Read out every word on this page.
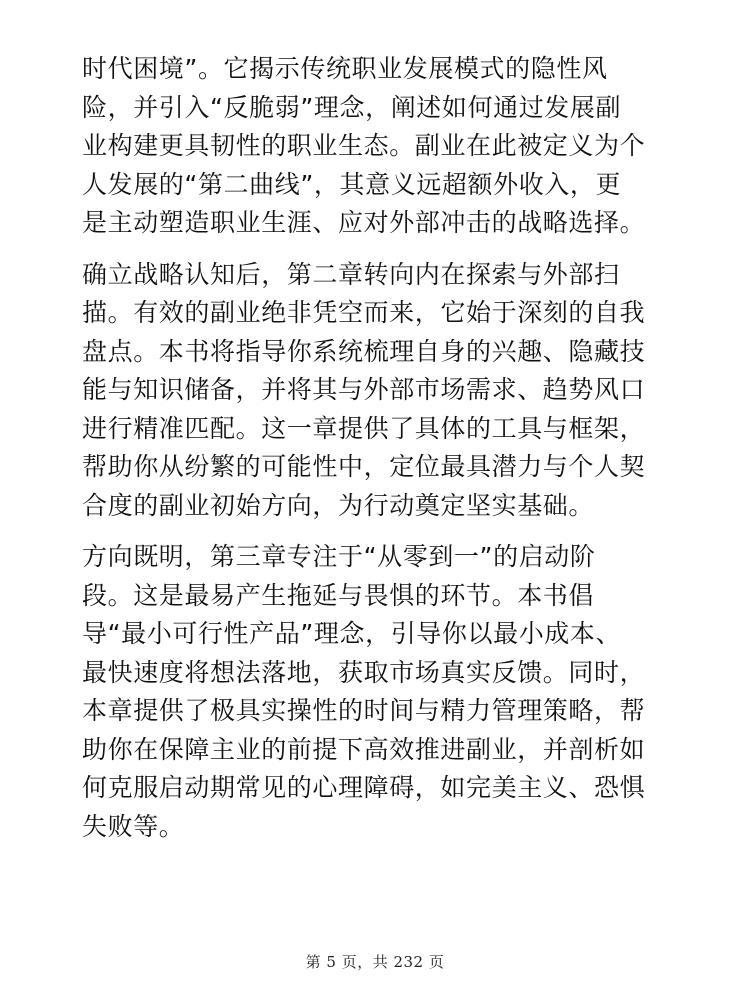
时代困境”。它揭示传统职业发展模式的隐性风
险，并引入“反脆弱”理念，阐述如何通过发展副
业构建更具韧性的职业生态。副业在此被定义为个
人发展的“第二曲线”，其意义远超额外收入，更
是主动塑造职业生涯、应对外部冲击的战略选择。

确立战略认知后，第二章转向内在探索与外部扫
描。有效的副业绝非凭空而来，它始于深刻的自我
盘点。本书将指导你系统梳理自身的兴趣、隐藏技
能与知识储备，并将其与外部市场需求、趋势风口
进行精准匹配。这一章提供了具体的工具与框架，
帮助你从纷繁的可能性中，定位最具潜力与个人契
合度的副业初始方向，为行动奠定坚实基础。

方向既明，第三章专注于“从零到一”的启动阶
段。这是最易产生拖延与畏惧的环节。本书倡
导“最小可行性产品”理念，引导你以最小成本、
最快速度将想法落地，获取市场真实反馈。同时，
本章提供了极具实操性的时间与精力管理策略，帮
助你在保障主业的前提下高效推进副业，并剖析如
何克服启动期常见的心理障碍，如完美主义、恐惧
失败等。

第 5 页，共 232 页
